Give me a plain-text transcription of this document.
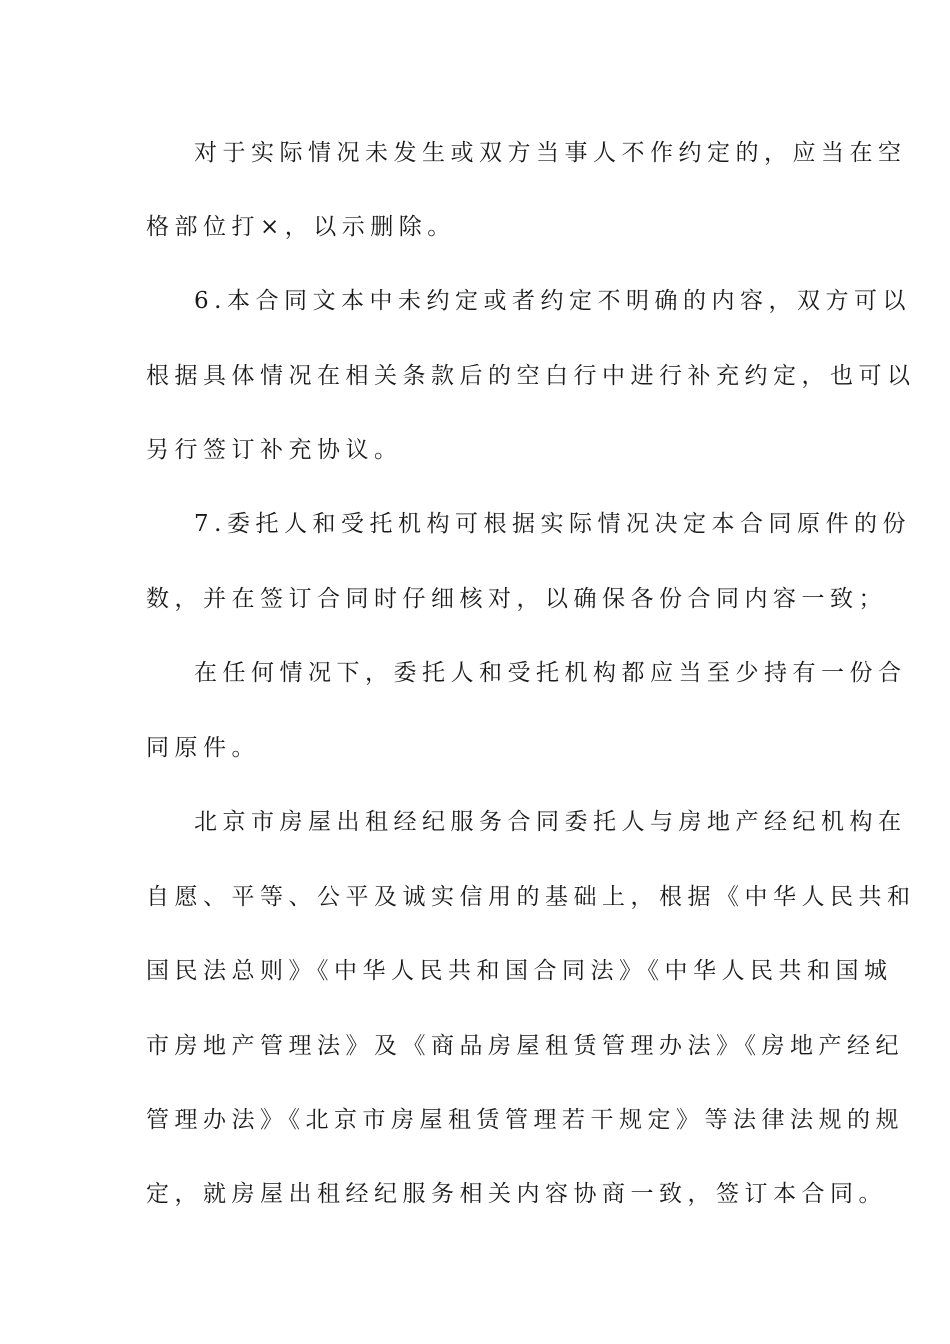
对于实际情况未发生或双方当事人不作约定的，应当在空
格部位打×，以示删除。
6.本合同文本中未约定或者约定不明确的内容，双方可以
根据具体情况在相关条款后的空白行中进行补充约定，也可以
另行签订补充协议。
7.委托人和受托机构可根据实际情况决定本合同原件的份
数，并在签订合同时仔细核对，以确保各份合同内容一致；
在任何情况下，委托人和受托机构都应当至少持有一份合
同原件。
北京市房屋出租经纪服务合同委托人与房地产经纪机构在
自愿、平等、公平及诚实信用的基础上，根据《中华人民共和
国民法总则》《中华人民共和国合同法》《中华人民共和国城
市房地产管理法》及《商品房屋租赁管理办法》《房地产经纪
管理办法》《北京市房屋租赁管理若干规定》等法律法规的规
定，就房屋出租经纪服务相关内容协商一致，签订本合同。
